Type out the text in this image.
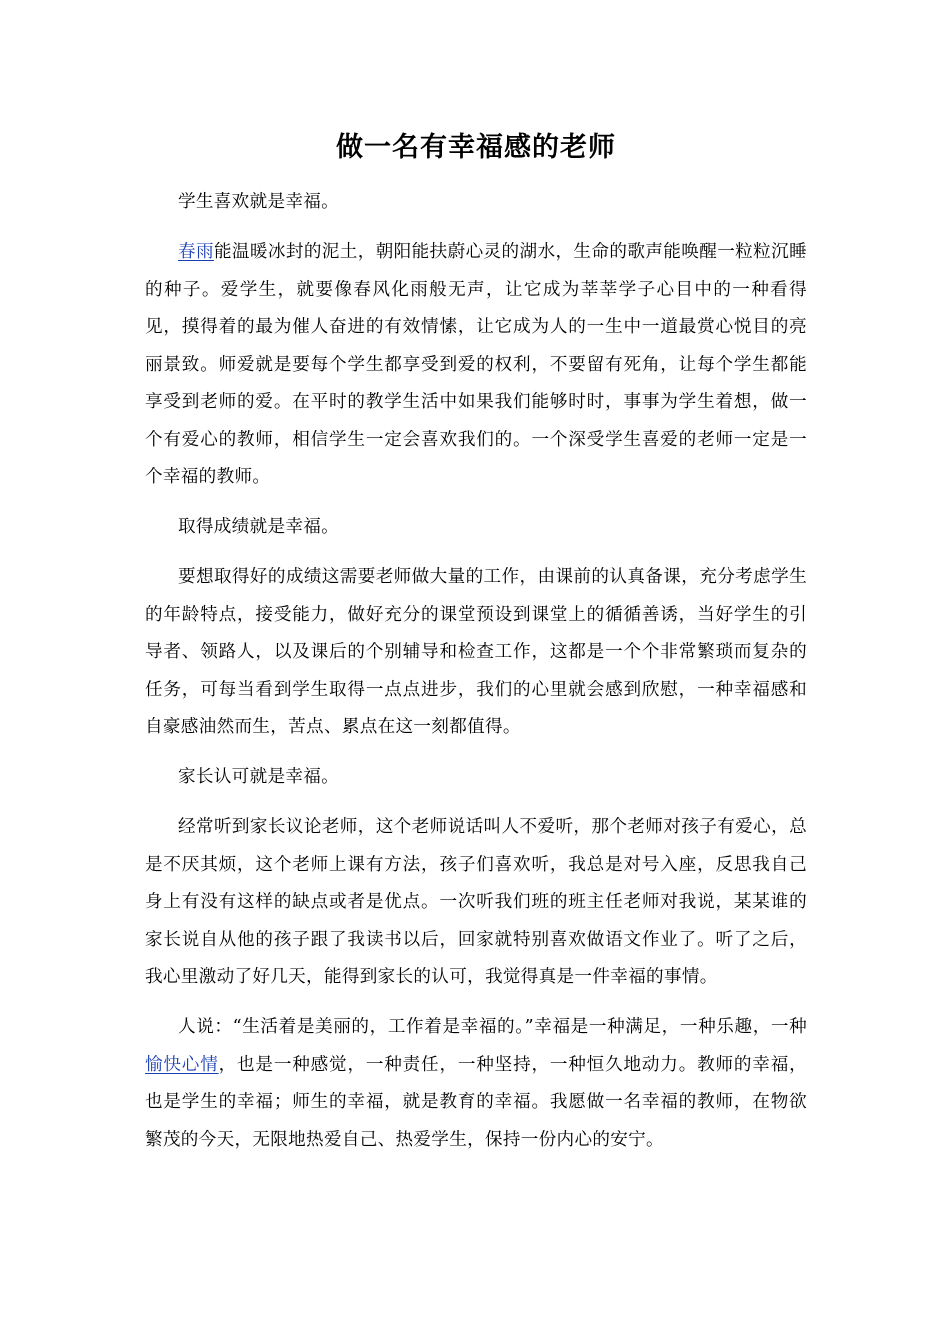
做一名有幸福感的老师

学生喜欢就是幸福。

春雨能温暖冰封的泥土，朝阳能扶蔚心灵的湖水，生命的歌声能唤醒一粒粒沉睡的种子。爱学生，就要像春风化雨般无声，让它成为莘莘学子心目中的一种看得见，摸得着的最为催人奋进的有效情愫，让它成为人的一生中一道最赏心悦目的亮丽景致。师爱就是要每个学生都享受到爱的权利，不要留有死角，让每个学生都能享受到老师的爱。在平时的教学生活中如果我们能够时时，事事为学生着想，做一个有爱心的教师，相信学生一定会喜欢我们的。一个深受学生喜爱的老师一定是一个幸福的教师。

取得成绩就是幸福。

要想取得好的成绩这需要老师做大量的工作，由课前的认真备课，充分考虑学生的年龄特点，接受能力，做好充分的课堂预设到课堂上的循循善诱，当好学生的引导者、领路人，以及课后的个别辅导和检查工作，这都是一个个非常繁琐而复杂的任务，可每当看到学生取得一点点进步，我们的心里就会感到欣慰，一种幸福感和自豪感油然而生，苦点、累点在这一刻都值得。

家长认可就是幸福。

经常听到家长议论老师，这个老师说话叫人不爱听，那个老师对孩子有爱心，总是不厌其烦，这个老师上课有方法，孩子们喜欢听，我总是对号入座，反思我自己身上有没有这样的缺点或者是优点。一次听我们班的班主任老师对我说，某某谁的家长说自从他的孩子跟了我读书以后，回家就特别喜欢做语文作业了。听了之后，我心里激动了好几天，能得到家长的认可，我觉得真是一件幸福的事情。

人说：“生活着是美丽的，工作着是幸福的。”幸福是一种满足，一种乐趣，一种愉快心情，也是一种感觉，一种责任，一种坚持，一种恒久地动力。教师的幸福，也是学生的幸福；师生的幸福，就是教育的幸福。我愿做一名幸福的教师，在物欲繁茂的今天，无限地热爱自己、热爱学生，保持一份内心的安宁。
